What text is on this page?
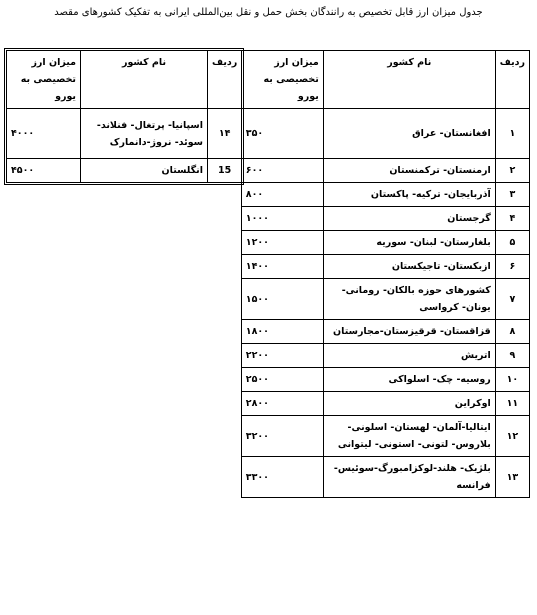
جدول میزان ارز قابل تخصیص به رانندگان بخش حمل و نقل بین‌المللی ایرانی به تفکیک کشورهای مقصد
ردیف	نام کشور	میزان ارز تخصیصی به یورو
۱	افغانستان- عراق	۳۵۰
۲	ارمنستان- ترکمنستان	۶۰۰
۳	آذربایجان- ترکیه- پاکستان	۸۰۰
۴	گرجستان	۱۰۰۰
۵	بلغارستان- لبنان- سوریه	۱۲۰۰
۶	ازبکستان- تاجیکستان	۱۴۰۰
۷	کشورهای حوزه بالکان- رومانی- یونان- کرواسی	۱۵۰۰
۸	قزاقستان- قرقیزستان-مجارستان	۱۸۰۰
۹	اتریش	۲۲۰۰
۱۰	روسیه- چک- اسلواکی	۲۵۰۰
۱۱	اوکراین	۲۸۰۰
۱۲	ایتالیا-آلمان- لهستان- اسلونی- بلاروس- لتونی- استونی- لیتوانی	۳۲۰۰
۱۳	بلژیک- هلند-لوکزامبورگ-سوئیس- فرانسه	۳۳۰۰
ردیف	نام کشور	میزان ارز تخصیصی به یورو
۱۴	اسپانیا- پرتغال- فنلاند- سوئد- نروژ-دانمارک	۴۰۰۰
15	انگلستان	۴۵۰۰
